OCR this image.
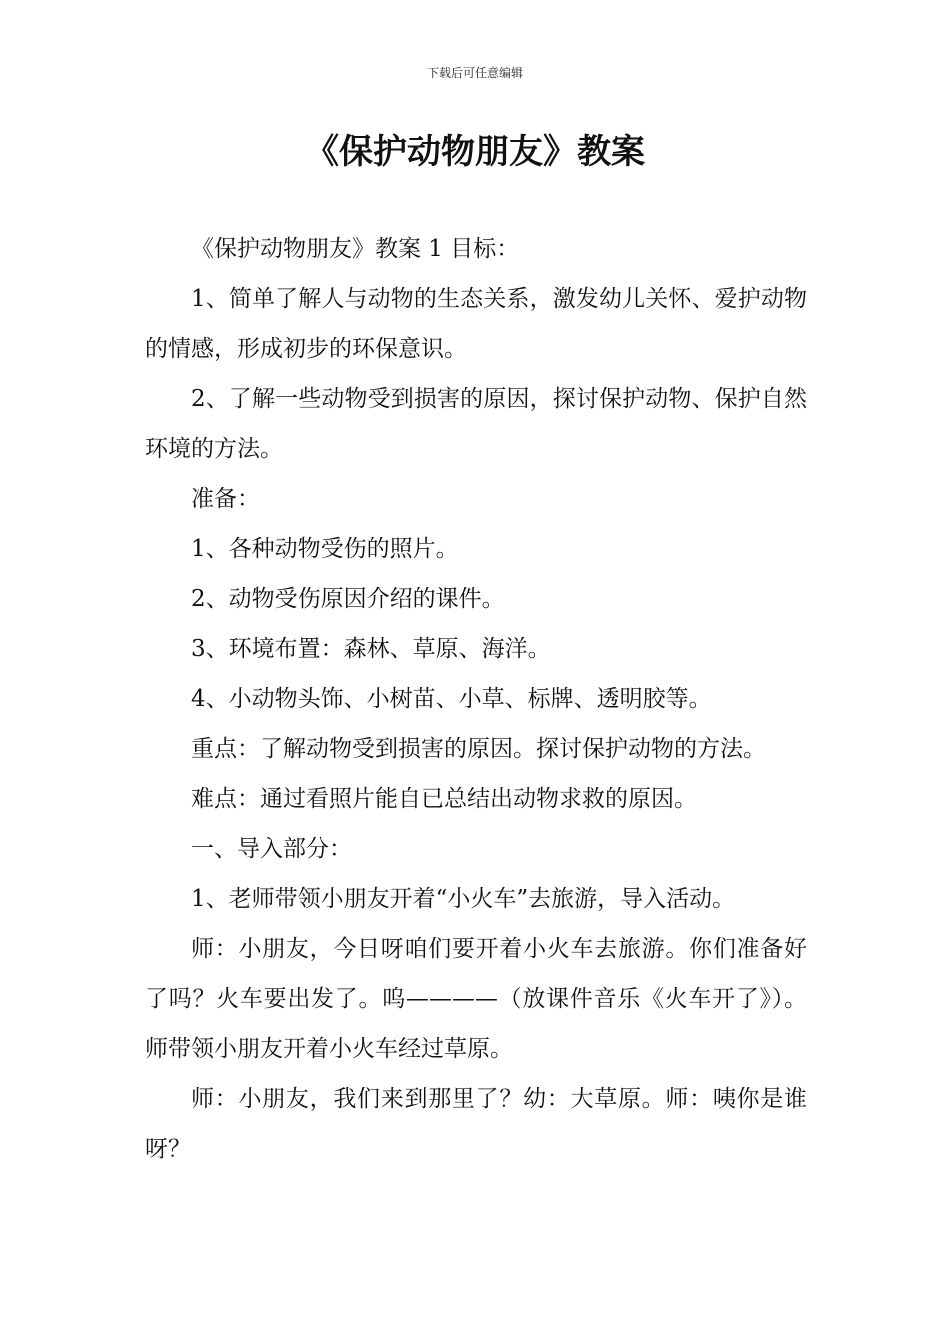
下载后可任意编辑
《保护动物朋友》教案

《保护动物朋友》教案 1 目标：

1、简单了解人与动物的生态关系，激发幼儿关怀、爱护动物的情感，形成初步的环保意识。

2、了解一些动物受到损害的原因，探讨保护动物、保护自然环境的方法。

准备：

1、各种动物受伤的照片。

2、动物受伤原因介绍的课件。

3、环境布置：森林、草原、海洋。

4、小动物头饰、小树苗、小草、标牌、透明胶等。

重点：了解动物受到损害的原因。探讨保护动物的方法。

难点：通过看照片能自已总结出动物求救的原因。

一、导入部分：

1、老师带领小朋友开着“小火车”去旅游，导入活动。

师：小朋友，今日呀咱们要开着小火车去旅游。你们准备好了吗？火车要出发了。呜————（放课件音乐《火车开了》）。师带领小朋友开着小火车经过草原。

师：小朋友，我们来到那里了？幼：大草原。师：咦你是谁呀？
